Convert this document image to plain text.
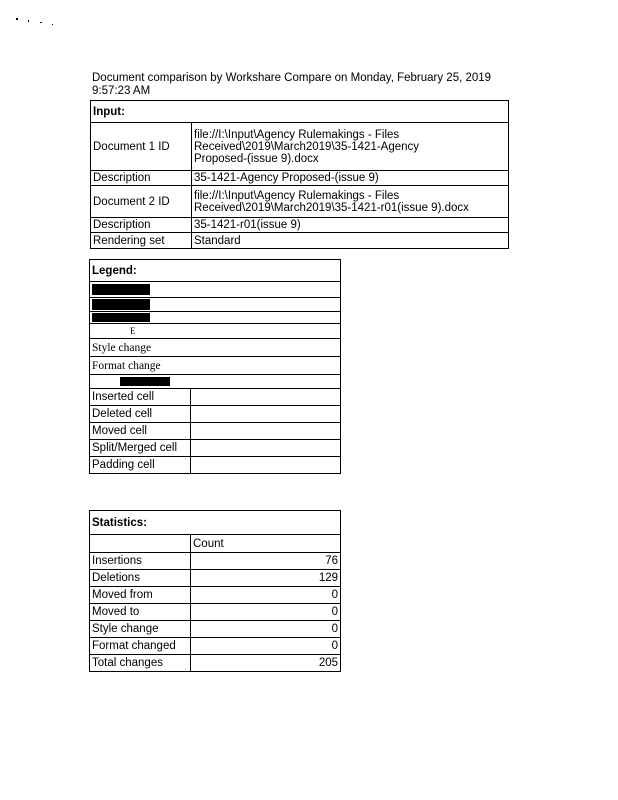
Document comparison by Workshare Compare on Monday, February 25, 2019
9:57:23 AM
Input:	
Document 1 ID	file://I:\Input\Agency Rulemakings - Files
Received\2019\March2019\35-1421-Agency
Proposed-(issue 9).docx

Description	35-1421-Agency Proposed-(issue 9)
Document 2 ID	file://I:\Input\Agency Rulemakings - Files
Received\2019\March2019\35-1421-r01(issue 9).docx

Description	35-1421-r01(issue 9)
Rendering set	Standard
Legend:	

E	
Style change	
Format change	

Inserted cell	
Deleted cell	
Moved cell	
Split/Merged cell	
Padding cell	
Statistics:	
	Count
Insertions	76
Deletions	129
Moved from	0
Moved to	0
Style change	0
Format changed	0
Total changes	205
